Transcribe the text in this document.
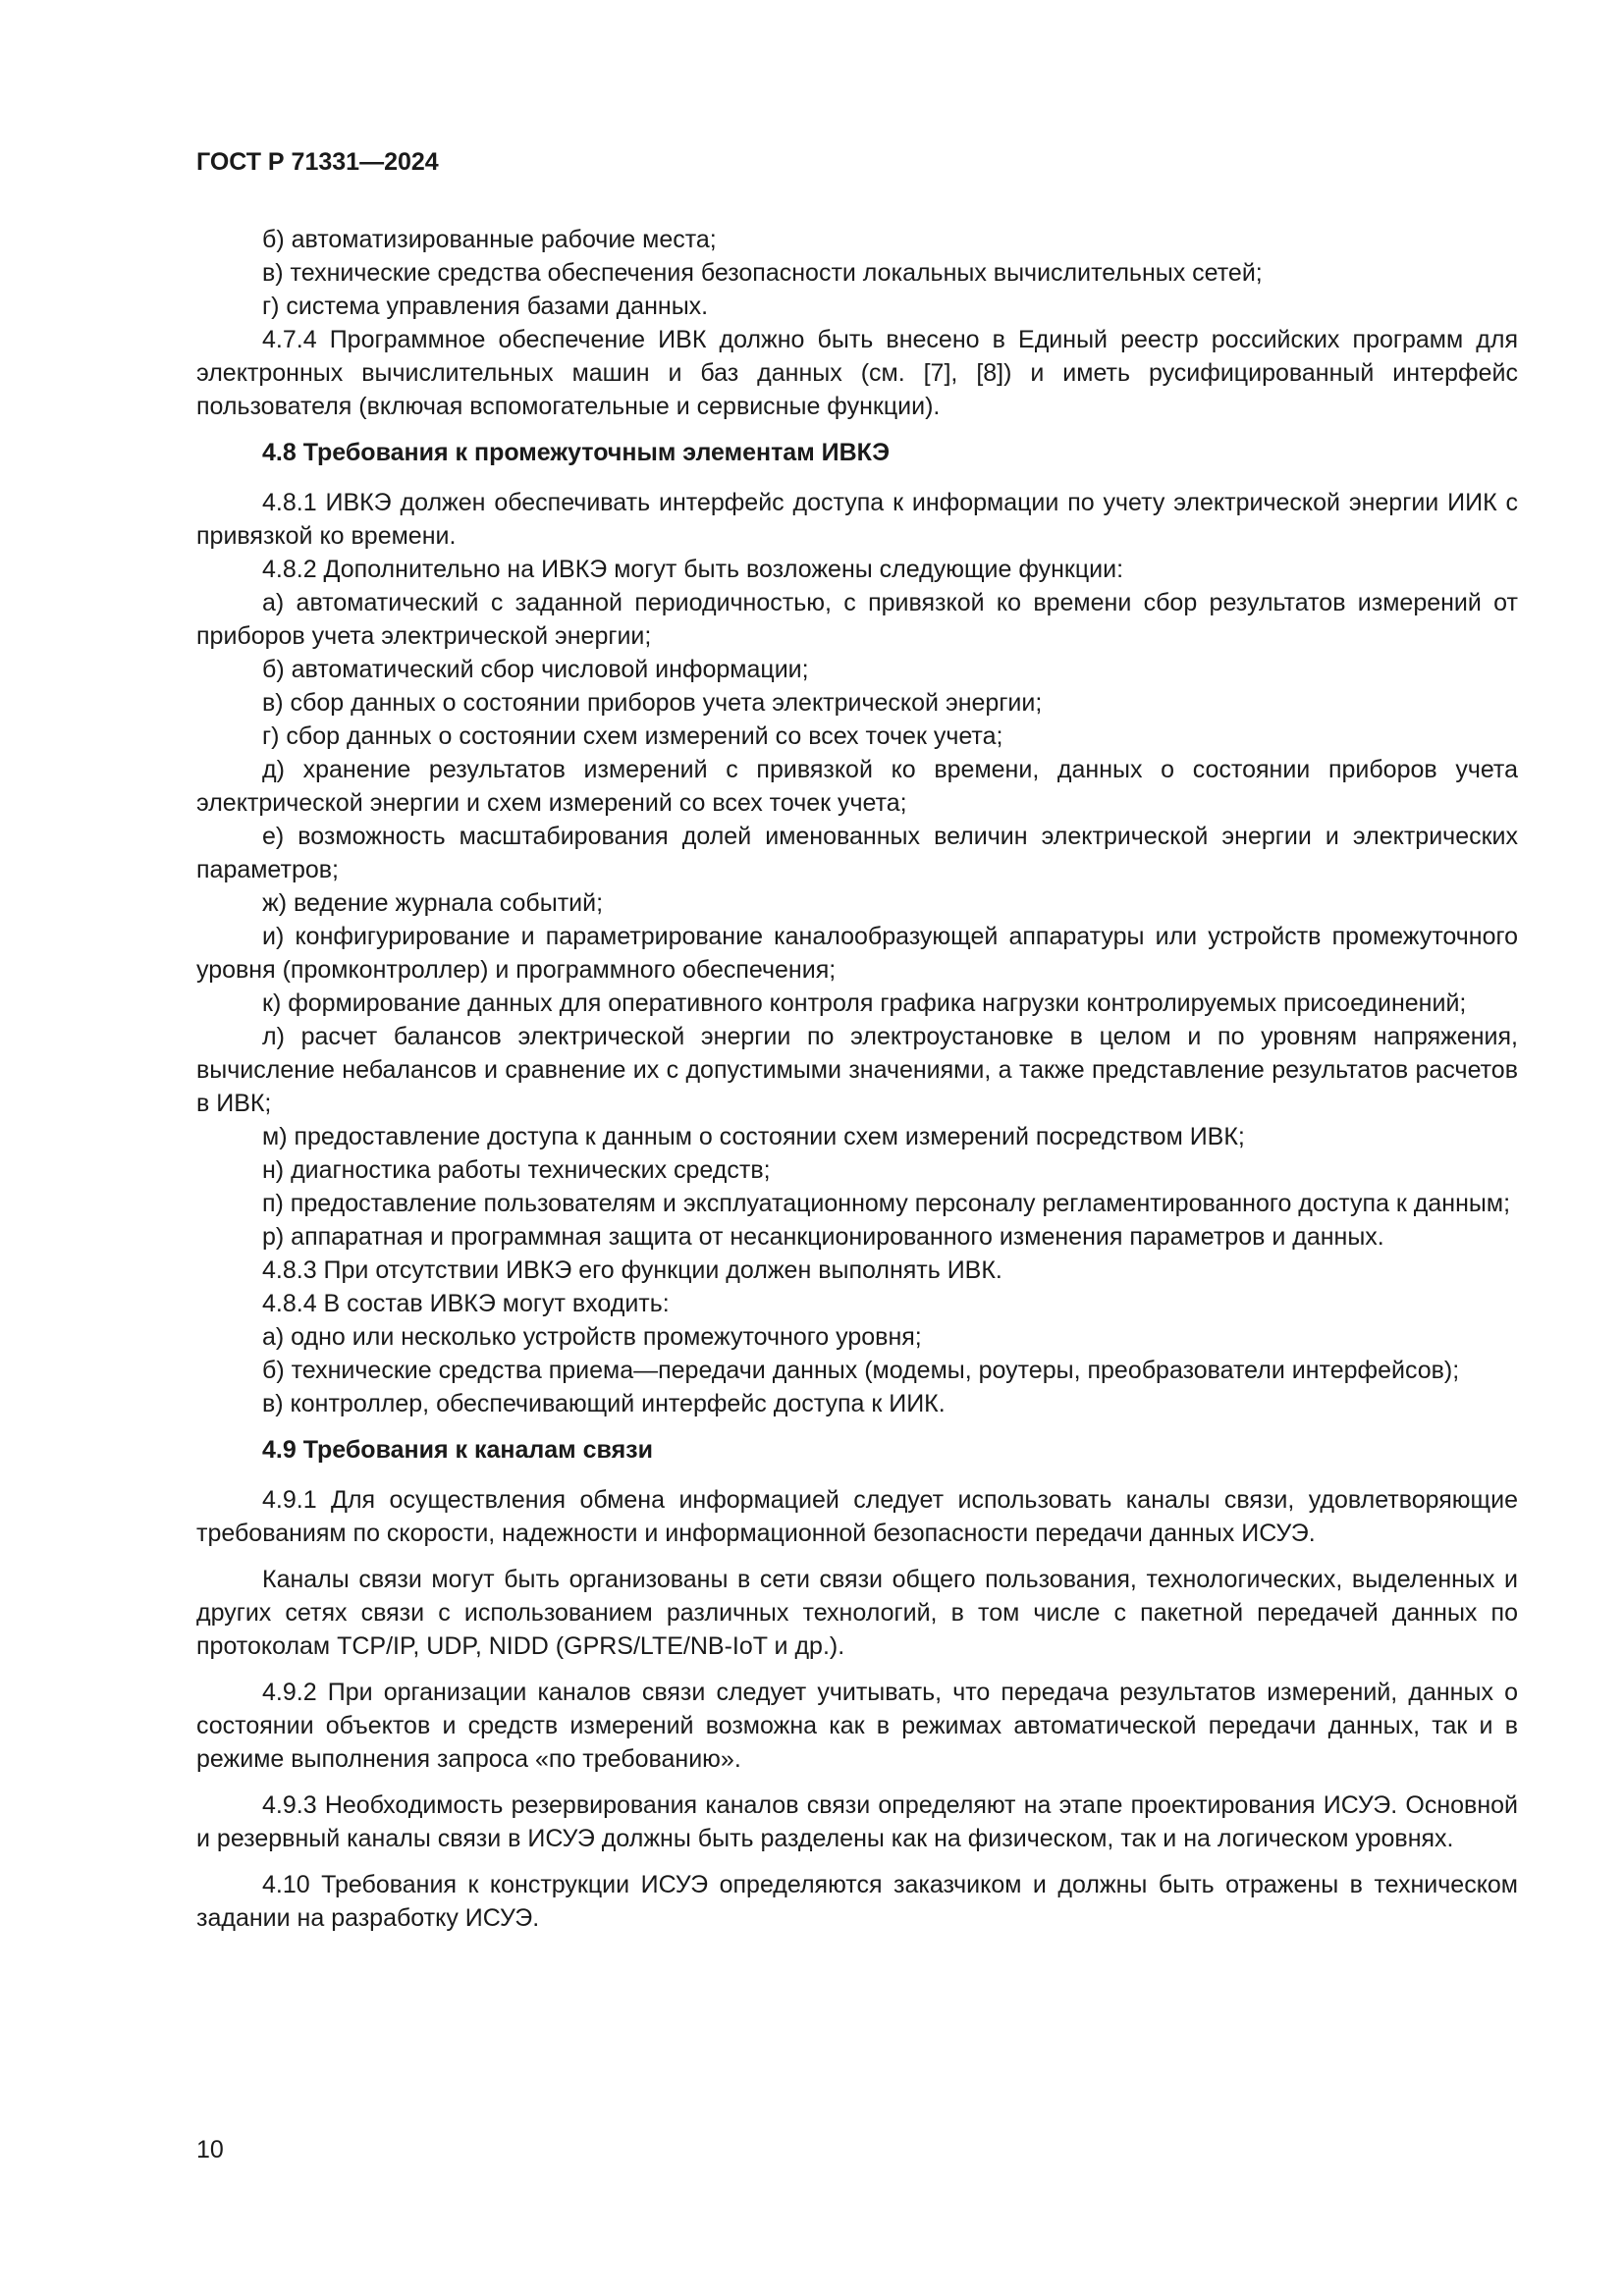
ГОСТ Р 71331—2024

б) автоматизированные рабочие места;

в) технические средства обеспечения безопасности локальных вычислительных сетей;

г) система управления базами данных.

4.7.4 Программное обеспечение ИВК должно быть внесено в Единый реестр российских программ для электронных вычислительных машин и баз данных (см. [7], [8]) и иметь русифицированный интерфейс пользователя (включая вспомогательные и сервисные функции).

4.8 Требования к промежуточным элементам ИВКЭ

4.8.1 ИВКЭ должен обеспечивать интерфейс доступа к информации по учету электрической энергии ИИК с привязкой ко времени.

4.8.2 Дополнительно на ИВКЭ могут быть возложены следующие функции:

а) автоматический с заданной периодичностью, с привязкой ко времени сбор результатов измерений от приборов учета электрической энергии;

б) автоматический сбор числовой информации;

в) сбор данных о состоянии приборов учета электрической энергии;

г) сбор данных о состоянии схем измерений со всех точек учета;

д) хранение результатов измерений с привязкой ко времени, данных о состоянии приборов учета электрической энергии и схем измерений со всех точек учета;

е) возможность масштабирования долей именованных величин электрической энергии и электрических параметров;

ж) ведение журнала событий;

и) конфигурирование и параметрирование каналообразующей аппаратуры или устройств промежуточного уровня (промконтроллер) и программного обеспечения;

к) формирование данных для оперативного контроля графика нагрузки контролируемых присоединений;

л) расчет балансов электрической энергии по электроустановке в целом и по уровням напряжения, вычисление небалансов и сравнение их с допустимыми значениями, а также представление результатов расчетов в ИВК;

м) предоставление доступа к данным о состоянии схем измерений посредством ИВК;

н) диагностика работы технических средств;

п) предоставление пользователям и эксплуатационному персоналу регламентированного доступа к данным;

р) аппаратная и программная защита от несанкционированного изменения параметров и данных.

4.8.3 При отсутствии ИВКЭ его функции должен выполнять ИВК.

4.8.4 В состав ИВКЭ могут входить:

а) одно или несколько устройств промежуточного уровня;

б) технические средства приема—передачи данных (модемы, роутеры, преобразователи интерфейсов);

в) контроллер, обеспечивающий интерфейс доступа к ИИК.

4.9 Требования к каналам связи

4.9.1 Для осуществления обмена информацией следует использовать каналы связи, удовлетворяющие требованиям по скорости, надежности и информационной безопасности передачи данных ИСУЭ.

Каналы связи могут быть организованы в сети связи общего пользования, технологических, выделенных и других сетях связи с использованием различных технологий, в том числе с пакетной передачей данных по протоколам TCP/IP, UDP, NIDD (GPRS/LTE/NB-IoT и др.).

4.9.2 При организации каналов связи следует учитывать, что передача результатов измерений, данных о состоянии объектов и средств измерений возможна как в режимах автоматической передачи данных, так и в режиме выполнения запроса «по требованию».

4.9.3 Необходимость резервирования каналов связи определяют на этапе проектирования ИСУЭ. Основной и резервный каналы связи в ИСУЭ должны быть разделены как на физическом, так и на логическом уровнях.

4.10 Требования к конструкции ИСУЭ определяются заказчиком и должны быть отражены в техническом задании на разработку ИСУЭ.

10
